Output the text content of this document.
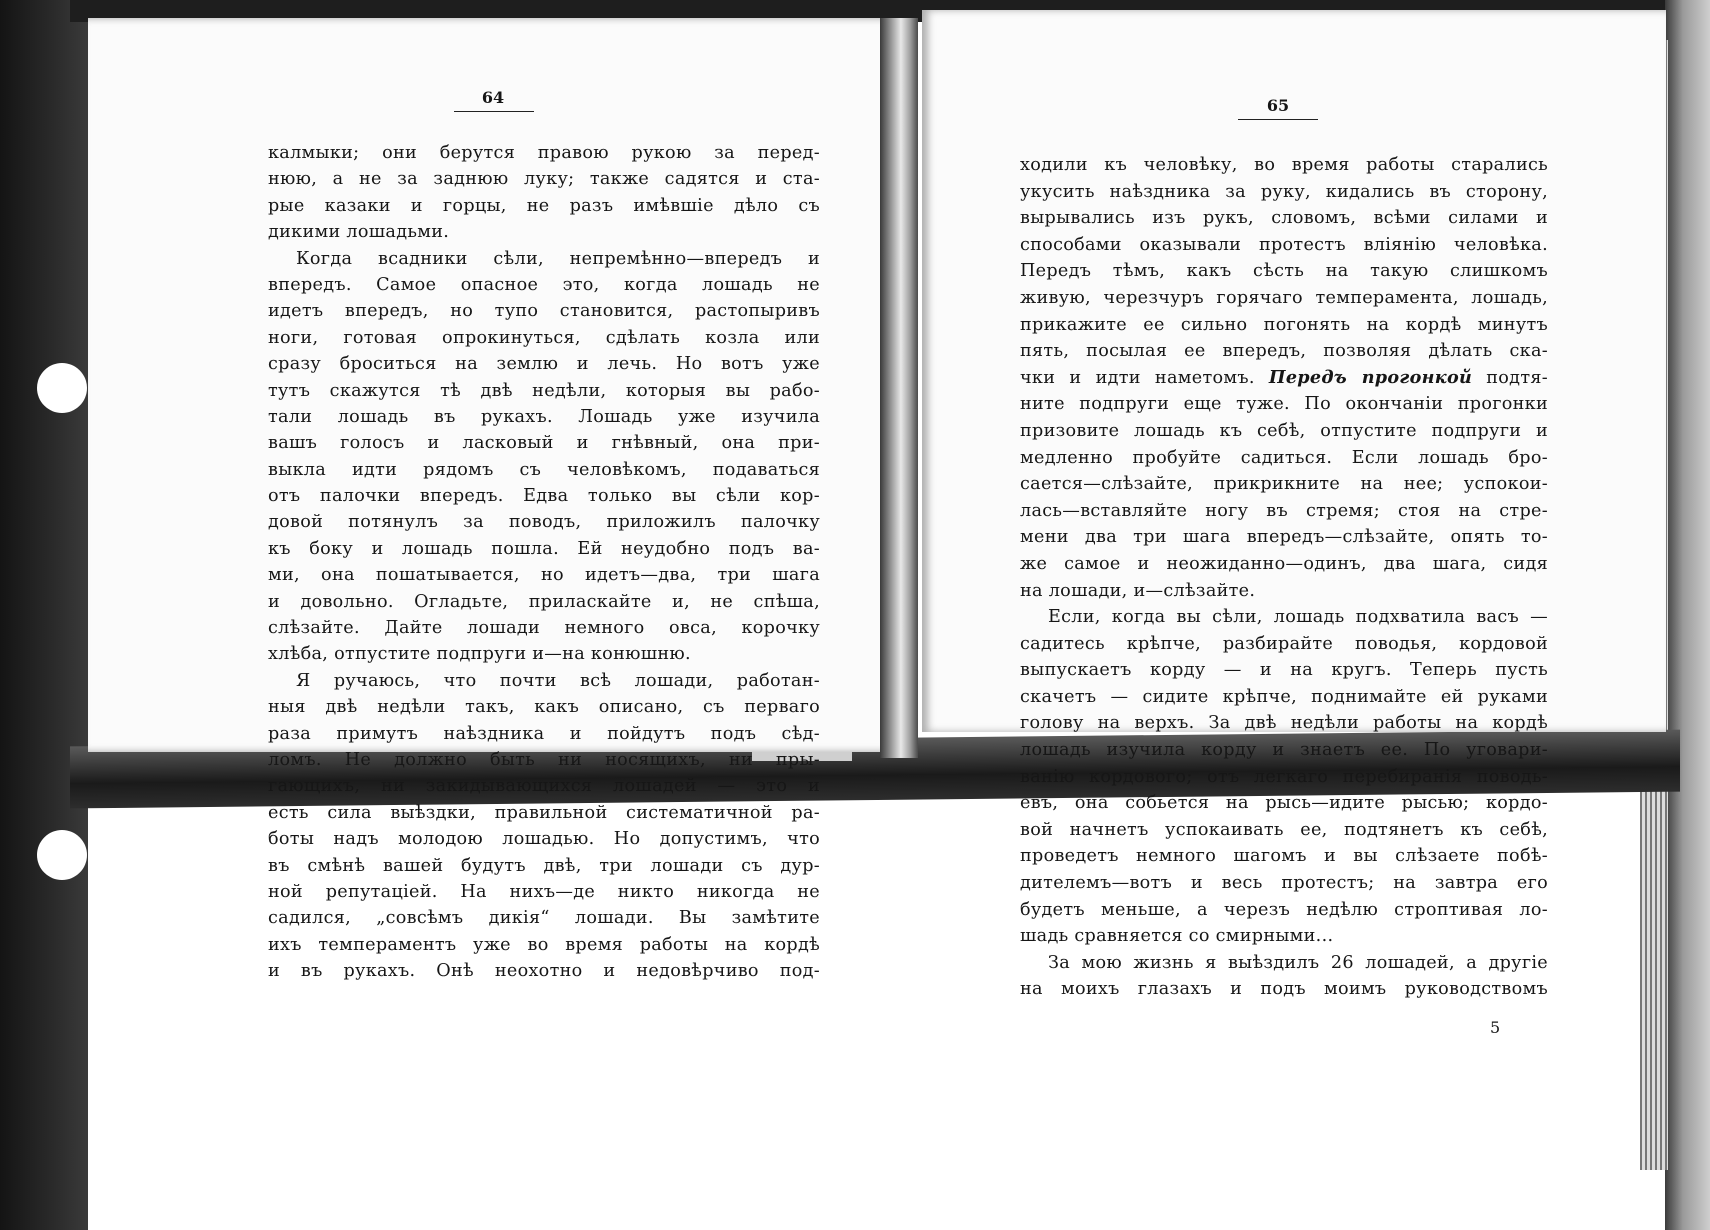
64
калмыки; они берутся правою рукою за перед-
нюю, а не за заднюю луку; также садятся и ста-
рые казаки и горцы, не разъ имѣвшіе дѣло съ
дикими лошадьми.
Когда всадники сѣли, непремѣнно—впередъ и
впередъ. Самое опасное это, когда лошадь не
идетъ впередъ, но тупо становится, растопыривъ
ноги, готовая опрокинуться, сдѣлать козла или
сразу броситься на землю и лечь. Но вотъ уже
тутъ скажутся тѣ двѣ недѣли, которыя вы рабо-
тали лошадь въ рукахъ. Лошадь уже изучила
вашъ голосъ и ласковый и гнѣвный, она при-
выкла идти рядомъ съ человѣкомъ, подаваться
отъ палочки впередъ. Едва только вы сѣли кор-
довой потянулъ за поводъ, приложилъ палочку
къ боку и лошадь пошла. Ей неудобно подъ ва-
ми, она пошатывается, но идетъ—два, три шага
и довольно. Огладьте, приласкайте и, не спѣша,
слѣзайте. Дайте лошади немного овса, корочку
хлѣба, отпустите подпруги и—на конюшню.
Я ручаюсь, что почти всѣ лошади, работан-
ныя двѣ недѣли такъ, какъ описано, съ перваго
раза примутъ наѣздника и пойдутъ подъ сѣд-
ломъ. Не должно быть ни носящихъ, ни пры-
гающихъ, ни закидывающихся лошадей — это и
есть сила выѣздки, правильной систематичной ра-
боты надъ молодою лошадью. Но допустимъ, что
въ смѣнѣ вашей будутъ двѣ, три лошади съ дур-
ной репутаціей. На нихъ—де никто никогда не
садился, „совсѣмъ дикія“ лошади. Вы замѣтите
ихъ темпераментъ уже во время работы на кордѣ
и въ рукахъ. Онѣ неохотно и недовѣрчиво под-
65
ходили къ человѣку, во время работы старались
укусить наѣздника за руку, кидались въ сторону,
вырывались изъ рукъ, словомъ, всѣми силами и
способами оказывали протестъ вліянію человѣка.
Передъ тѣмъ, какъ сѣсть на такую слишкомъ
живую, черезчуръ горячаго темперамента, лошадь,
прикажите ее сильно погонять на кордѣ минутъ
пять, посылая ее впередъ, позволяя дѣлать ска-
чки и идти наметомъ. Передъ прогонкой подтя-
ните подпруги еще туже. По окончаніи прогонки
призовите лошадь къ себѣ, отпустите подпруги и
медленно пробуйте садиться. Если лошадь бро-
сается—слѣзайте, прикрикните на нее; успокои-
лась—вставляйте ногу въ стремя; стоя на стре-
мени два три шага впередъ—слѣзайте, опять то-
же самое и неожиданно—одинъ, два шага, сидя
на лошади, и—слѣзайте.
Если, когда вы сѣли, лошадь подхватила васъ —
садитесь крѣпче, разбирайте поводья, кордовой
выпускаетъ корду — и на кругъ. Теперь пусть
скачетъ — сидите крѣпче, поднимайте ей руками
голову на верхъ. За двѣ недѣли работы на кордѣ
лошадь изучила корду и знаетъ ее. По уговари-
ванію кордового; отъ легкаго перебиранія поводь-
евъ, она собьется на рысь—идите рысью; кордо-
вой начнетъ успокаивать ее, подтянетъ къ себѣ,
проведетъ немного шагомъ и вы слѣзаете побѣ-
дителемъ—вотъ и весь протестъ; на завтра его
будетъ меньше, а черезъ недѣлю строптивая ло-
шадь сравняется со смирными...
За мою жизнь я выѣздилъ 26 лошадей, а другіе
на моихъ глазахъ и подъ моимъ руководствомъ
5
